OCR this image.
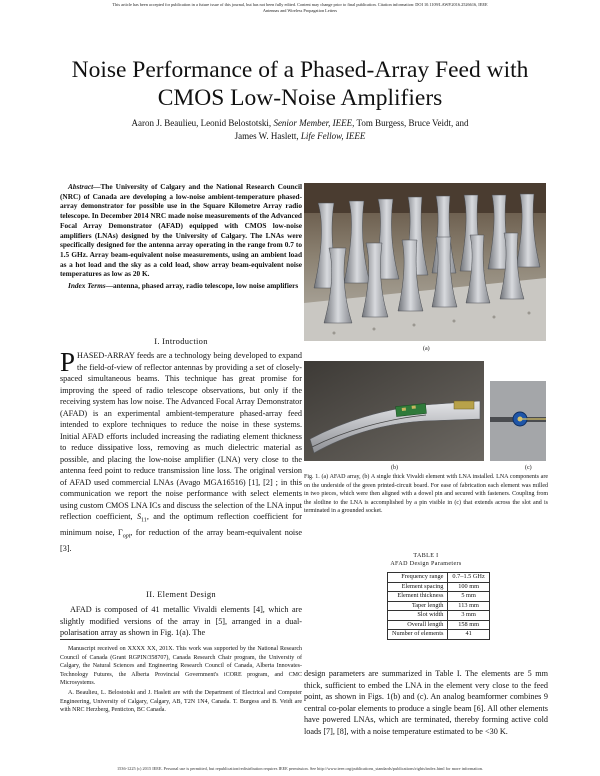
This article has been accepted for publication in a future issue of this journal, but has not been fully edited. Content may change prior to final publication. Citation information: DOI 10.1109/LAWP.2016.2526616, IEEE
Antennas and Wireless Propagation Letters
Noise Performance of a Phased-Array Feed with
CMOS Low-Noise Amplifiers
Aaron J. Beaulieu, Leonid Belostotski, Senior Member, IEEE, Tom Burgess, Bruce Veidt, and
James W. Haslett, Life Fellow, IEEE

Abstract—The University of Calgary and the National Research Council (NRC) of Canada are developing a low-noise ambient-temperature phased-array demonstrator for possible use in the Square Kilometre Array radio telescope. In December 2014 NRC made noise measurements of the Advanced Focal Array Demonstrator (AFAD) equipped with CMOS low-noise amplifiers (LNAs) designed by the University of Calgary. The LNAs were specifically designed for the antenna array operating in the range from 0.7 to 1.5 GHz. Array beam-equivalent noise measurements, using an ambient load as a hot load and the sky as a cold load, show array beam-equivalent noise temperatures as low as 20 K.

Index Terms—antenna, phased array, radio telescope, low noise amplifiers

I. Introduction
PHASED-ARRAY feeds are a technology being developed to expand the field-of-view of reflector antennas by providing a set of closely-spaced simultaneous beams. This technique has great promise for improving the speed of radio telescope observations, but only if the receiving system has low noise. The Advanced Focal Array Demonstrator (AFAD) is an experimental ambient-temperature phased-array feed intended to explore techniques to reduce the noise in these systems. Initial AFAD efforts included increasing the radiating element thickness to reduce dissipative loss, removing as much dielectric material as possible, and placing the low-noise amplifier (LNA) very close to the antenna feed point to reduce transmission line loss. The original version of AFAD used commercial LNAs (Avago MGA16516) [1], [2] ; in this communication we report the noise performance with select elements using custom CMOS LNA ICs and discuss the selection of the LNA input reflection coefficient, $S_{11}$, and the optimum reflection coefficient for minimum noise, $\Gamma_{opt}$, for reduction of the array beam-equivalent noise [3].
II. Element Design
AFAD is composed of 41 metallic Vivaldi elements [4], which are slightly modified versions of the array in [5], arranged in a dual-polarisation array as shown in Fig. 1(a). The

Manuscript received on XXXX XX, 201X. This work was supported by the National Research Council of Canada (Grant RGPIN/358707), Canada Research Chair program, the University of Calgary, the Natural Sciences and Engineering Research Council of Canada, Alberta Innovates-Technology Futures, the Alberta Provincial Government's iCORE program, and CMC Microsystems.

A. Beaulieu, L. Belostotski and J. Haslett are with the Department of Electrical and Computer Engineering, University of Calgary, Calgary, AB, T2N 1N4, Canada. T. Burgess and B. Veidt are with NRC Herzberg, Penticton, BC Canada.

(a)
(b)	(c)
Fig. 1. (a) AFAD array, (b) A single thick Vivaldi element with LNA installed. LNA components are on the underside of the green printed-circuit board. For ease of fabrication each element was milled in two pieces, which were then aligned with a dowel pin and secured with fasteners. Coupling from the slotline to the LNA is accomplished by a pin visible in (c) that extends across the slot and is terminated in a grounded socket.
TABLE I
AFAD Design Parameters
Frequency range	0.7–1.5 GHz
Element spacing	100 mm
Element thickness	5 mm
Taper length	113 mm
Slot width	3 mm
Overall length	158 mm
Number of elements	41
design parameters are summarized in Table I. The elements are 5 mm thick, sufficient to embed the LNA in the element very close to the feed point, as shown in Figs. 1(b) and (c). An analog beamformer combines 9 central co-polar elements to produce a single beam [6]. All other elements have powered LNAs, which are terminated, thereby forming active cold loads [7], [8], with a noise temperature estimated to be <30 K.
1536-1225 (c) 2015 IEEE. Personal use is permitted, but republication/redistribution requires IEEE permission. See http://www.ieee.org/publications_standards/publications/rights/index.html for more information.
